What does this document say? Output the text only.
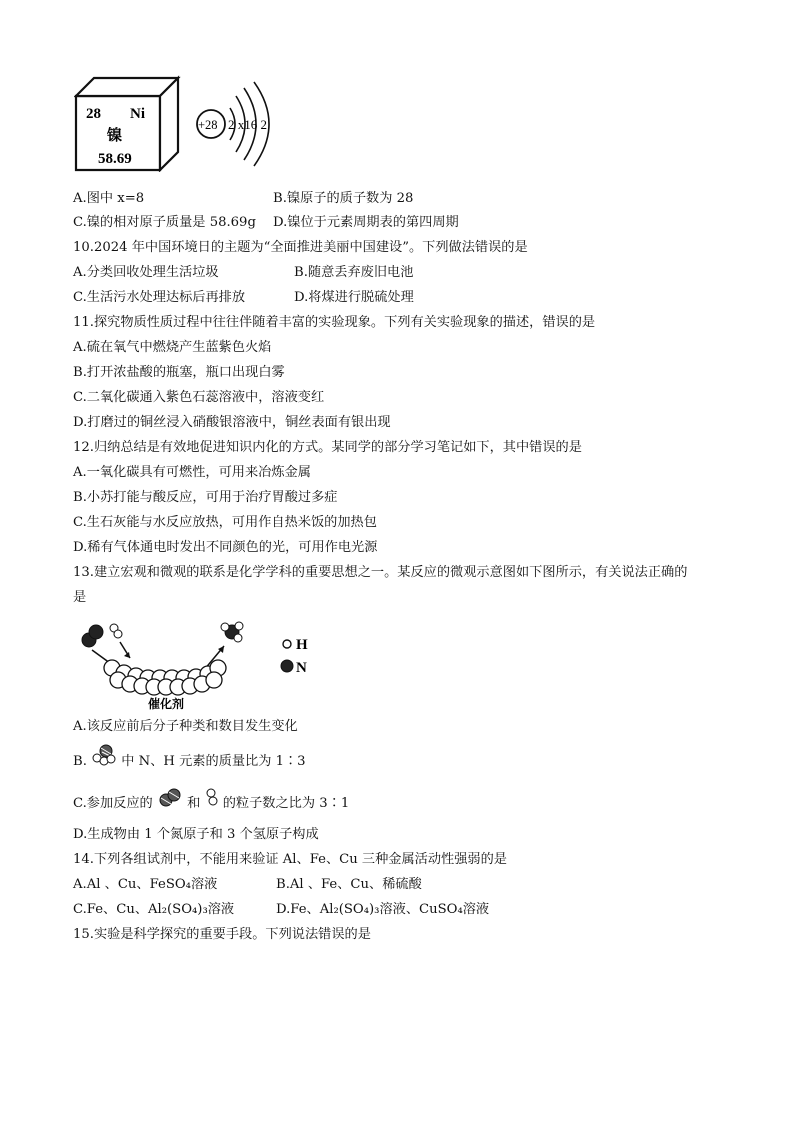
28 Ni
镍
58.69
+28 2 x16 2
A.图中 x=8	B.镍原子的质子数为 28
C.镍的相对原子质量是 58.69g D.镍位于元素周期表的第四周期
10.2024 年中国环境日的主题为“全面推进美丽中国建设”。下列做法错误的是
A.分类回收处理生活垃圾	B.随意丢弃废旧电池
C.生活污水处理达标后再排放	D.将煤进行脱硫处理
11.探究物质性质过程中往往伴随着丰富的实验现象。下列有关实验现象的描述，错误的是
A.硫在氧气中燃烧产生蓝紫色火焰
B.打开浓盐酸的瓶塞，瓶口出现白雾
C.二氧化碳通入紫色石蕊溶液中，溶液变红
D.打磨过的铜丝浸入硝酸银溶液中，铜丝表面有银出现
12.归纳总结是有效地促进知识内化的方式。某同学的部分学习笔记如下，其中错误的是
A.一氧化碳具有可燃性，可用来冶炼金属
B.小苏打能与酸反应，可用于治疗胃酸过多症
C.生石灰能与水反应放热，可用作自热米饭的加热包
D.稀有气体通电时发出不同颜色的光，可用作电光源
13.建立宏观和微观的联系是化学学科的重要思想之一。某反应的微观示意图如下图所示，有关说法正确的
是
催化剂
H
N
A.该反应前后分子种类和数目发生变化
B.	中 N、H 元素的质量比为 1∶3
C.参加反应的	和 的粒子数之比为 3∶1
D.生成物由 1 个氮原子和 3 个氢原子构成
14.下列各组试剂中，不能用来验证 Al、Fe、Cu 三种金属活动性强弱的是
A.Al 、Cu、FeSO₄溶液	B.Al 、Fe、Cu、稀硫酸
C.Fe、Cu、Al₂(SO₄)₃溶液	D.Fe、Al₂(SO₄)₃溶液、CuSO₄溶液
15.实验是科学探究的重要手段。下列说法错误的是
